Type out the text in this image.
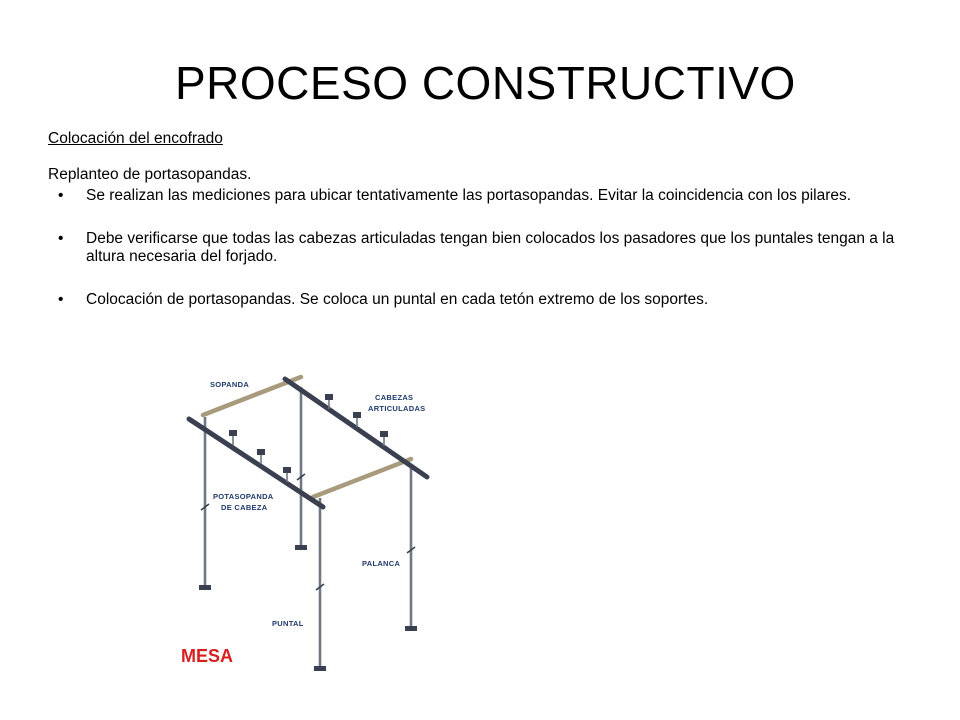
PROCESO CONSTRUCTIVO

Colocación del encofrado

Replanteo de portasopandas.

• Se realizan las mediciones para ubicar tentativamente las portasopandas. Evitar la coincidencia con los pilares.
• Debe verificarse que todas las cabezas articuladas tengan bien colocados los pasadores que los puntales tengan a la altura necesaria del forjado.
• Colocación de portasopandas. Se coloca un puntal en cada tetón extremo de los soportes.
SOPANDA
CABEZAS
ARTICULADAS
POTASOPANDA
DE CABEZA
PALANCA
PUNTAL
MESA
